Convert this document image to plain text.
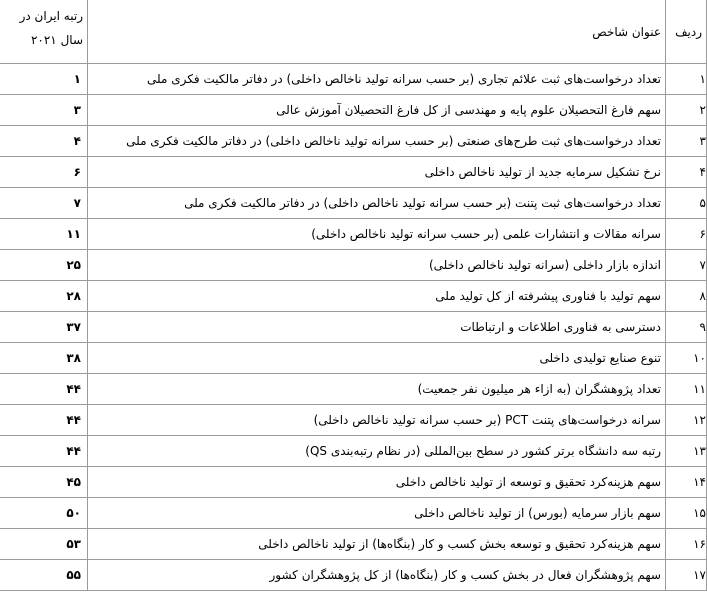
ردیف	عنوان شاخص	رتبه ایران در
سال ۲۰۲۱
۱	تعداد درخواست‌های ثبت علائم تجاری (بر حسب سرانه تولید ناخالص داخلی) در دفاتر مالکیت فکری ملی	۱
۲	سهم فارغ التحصیلان علوم پایه و مهندسی از کل فارغ التحصیلان آموزش عالی	۳
۳	تعداد درخواست‌های ثبت طرح‌های صنعتی (بر حسب سرانه تولید ناخالص داخلی) در دفاتر مالکیت فکری ملی	۴
۴	نرخ تشکیل سرمایه جدید از تولید ناخالص داخلی	۶
۵	تعداد درخواست‌های ثبت پتنت (بر حسب سرانه تولید ناخالص داخلی) در دفاتر مالکیت فکری ملی	۷
۶	سرانه مقالات و انتشارات علمی (بر حسب سرانه تولید ناخالص داخلی)	۱۱
۷	اندازه بازار داخلی (سرانه تولید ناخالص داخلی)	۲۵
۸	سهم تولید با فناوری پیشرفته از کل تولید ملی	۲۸
۹	دسترسی به فناوری اطلاعات و ارتباطات	۳۷
۱۰	تنوع صنایع تولیدی داخلی	۳۸
۱۱	تعداد پژوهشگران (به ازاء هر میلیون نفر جمعیت)	۴۴
۱۲	سرانه درخواست‌های پتنت PCT (بر حسب سرانه تولید ناخالص داخلی)	۴۴
۱۳	رتبه سه دانشگاه برتر کشور در سطح بین‌المللی (در نظام رتبه‌بندی QS)	۴۴
۱۴	سهم هزینه‌کرد تحقیق و توسعه از تولید ناخالص داخلی	۴۵
۱۵	سهم بازار سرمایه (بورس) از تولید ناخالص داخلی	۵۰
۱۶	سهم هزینه‌کرد تحقیق و توسعه بخش کسب و کار (بنگاه‌ها) از تولید ناخالص داخلی	۵۳
۱۷	سهم پژوهشگران فعال در بخش کسب و کار (بنگاه‌ها) از کل پژوهشگران کشور	۵۵
